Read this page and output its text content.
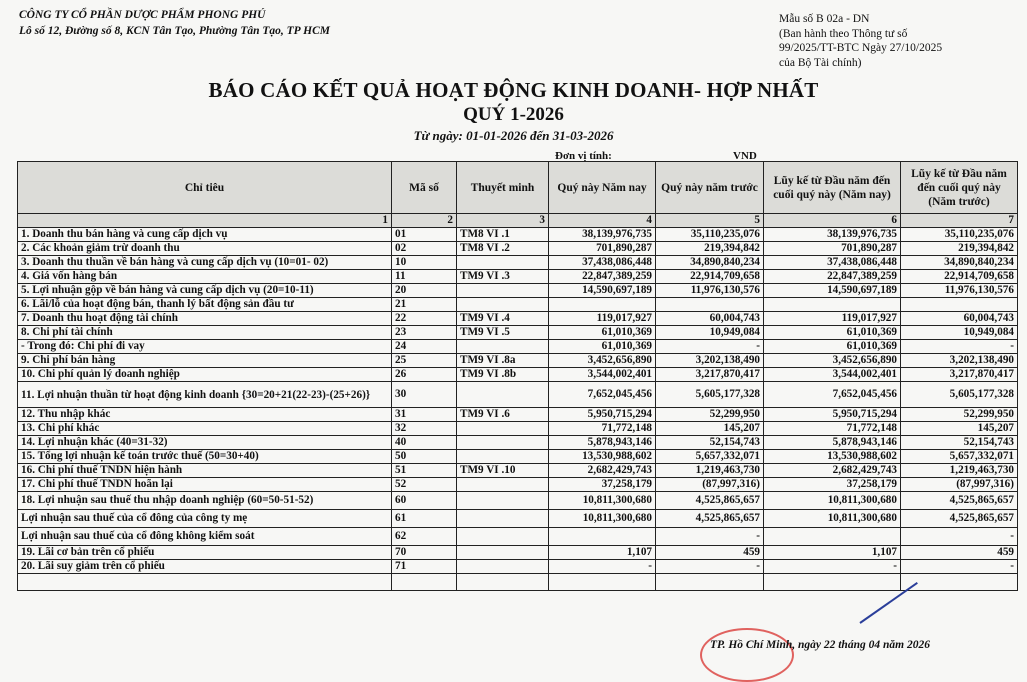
CÔNG TY CỔ PHẦN DƯỢC PHẨM PHONG PHÚ
Lô số 12, Đường số 8, KCN Tân Tạo, Phường Tân Tạo, TP HCM
Mẫu số B 02a - DN
(Ban hành theo Thông tư số
99/2025/TT-BTC Ngày 27/10/2025
của Bộ Tài chính)
BÁO CÁO KẾT QUẢ HOẠT ĐỘNG KINH DOANH- HỢP NHẤT
QUÝ 1-2026
Từ ngày: 01-01-2026 đến 31-03-2026
Đơn vị tính:	VND
Chỉ tiêu	Mã số	Thuyết minh	Quý này Năm nay	Quý này năm trước	Lũy kế từ Đầu năm đến cuối quý này (Năm nay)	Lũy kế từ Đầu năm đến cuối quý này (Năm trước)
1	2	3	4	5	6	7
1. Doanh thu bán hàng và cung cấp dịch vụ	01	TM8 VI .1	38,139,976,735	35,110,235,076	38,139,976,735	35,110,235,076
2. Các khoản giảm trừ doanh thu	02	TM8 VI .2	701,890,287	219,394,842	701,890,287	219,394,842
3. Doanh thu thuần về bán hàng và cung cấp dịch vụ (10=01- 02)	10		37,438,086,448	34,890,840,234	37,438,086,448	34,890,840,234
4. Giá vốn hàng bán	11	TM9 VI .3	22,847,389,259	22,914,709,658	22,847,389,259	22,914,709,658
5. Lợi nhuận gộp về bán hàng và cung cấp dịch vụ (20=10-11)	20		14,590,697,189	11,976,130,576	14,590,697,189	11,976,130,576
6. Lãi/lỗ của hoạt động bán, thanh lý bất động sản đầu tư	21					
7. Doanh thu hoạt động tài chính	22	TM9 VI .4	119,017,927	60,004,743	119,017,927	60,004,743
8. Chi phí tài chính	23	TM9 VI .5	61,010,369	10,949,084	61,010,369	10,949,084
- Trong đó: Chi phí đi vay	24		61,010,369	-	61,010,369	-
9. Chi phí bán hàng	25	TM9 VI .8a	3,452,656,890	3,202,138,490	3,452,656,890	3,202,138,490
10. Chi phí quản lý doanh nghiệp	26	TM9 VI .8b	3,544,002,401	3,217,870,417	3,544,002,401	3,217,870,417
11. Lợi nhuận thuần từ hoạt động kinh doanh {30=20+21(22-23)-(25+26)}	30		7,652,045,456	5,605,177,328	7,652,045,456	5,605,177,328
12. Thu nhập khác	31	TM9 VI .6	5,950,715,294	52,299,950	5,950,715,294	52,299,950
13. Chi phí khác	32		71,772,148	145,207	71,772,148	145,207
14. Lợi nhuận khác (40=31-32)	40		5,878,943,146	52,154,743	5,878,943,146	52,154,743
15. Tổng lợi nhuận kế toán trước thuế (50=30+40)	50		13,530,988,602	5,657,332,071	13,530,988,602	5,657,332,071
16. Chi phí thuế TNDN hiện hành	51	TM9 VI .10	2,682,429,743	1,219,463,730	2,682,429,743	1,219,463,730
17. Chi phí thuế TNDN hoãn lại	52		37,258,179	(87,997,316)	37,258,179	(87,997,316)
18. Lợi nhuận sau thuế thu nhập doanh nghiệp (60=50-51-52)	60		10,811,300,680	4,525,865,657	10,811,300,680	4,525,865,657
Lợi nhuận sau thuế của cổ đông của công ty mẹ	61		10,811,300,680	4,525,865,657	10,811,300,680	4,525,865,657
Lợi nhuận sau thuế của cổ đông không kiểm soát	62			-		-
19. Lãi cơ bản trên cổ phiếu	70		1,107	459	1,107	459
20. Lãi suy giảm trên cổ phiếu	71		-	-	-	-

TP. Hồ Chí Minh, ngày 22 tháng 04 năm 2026
